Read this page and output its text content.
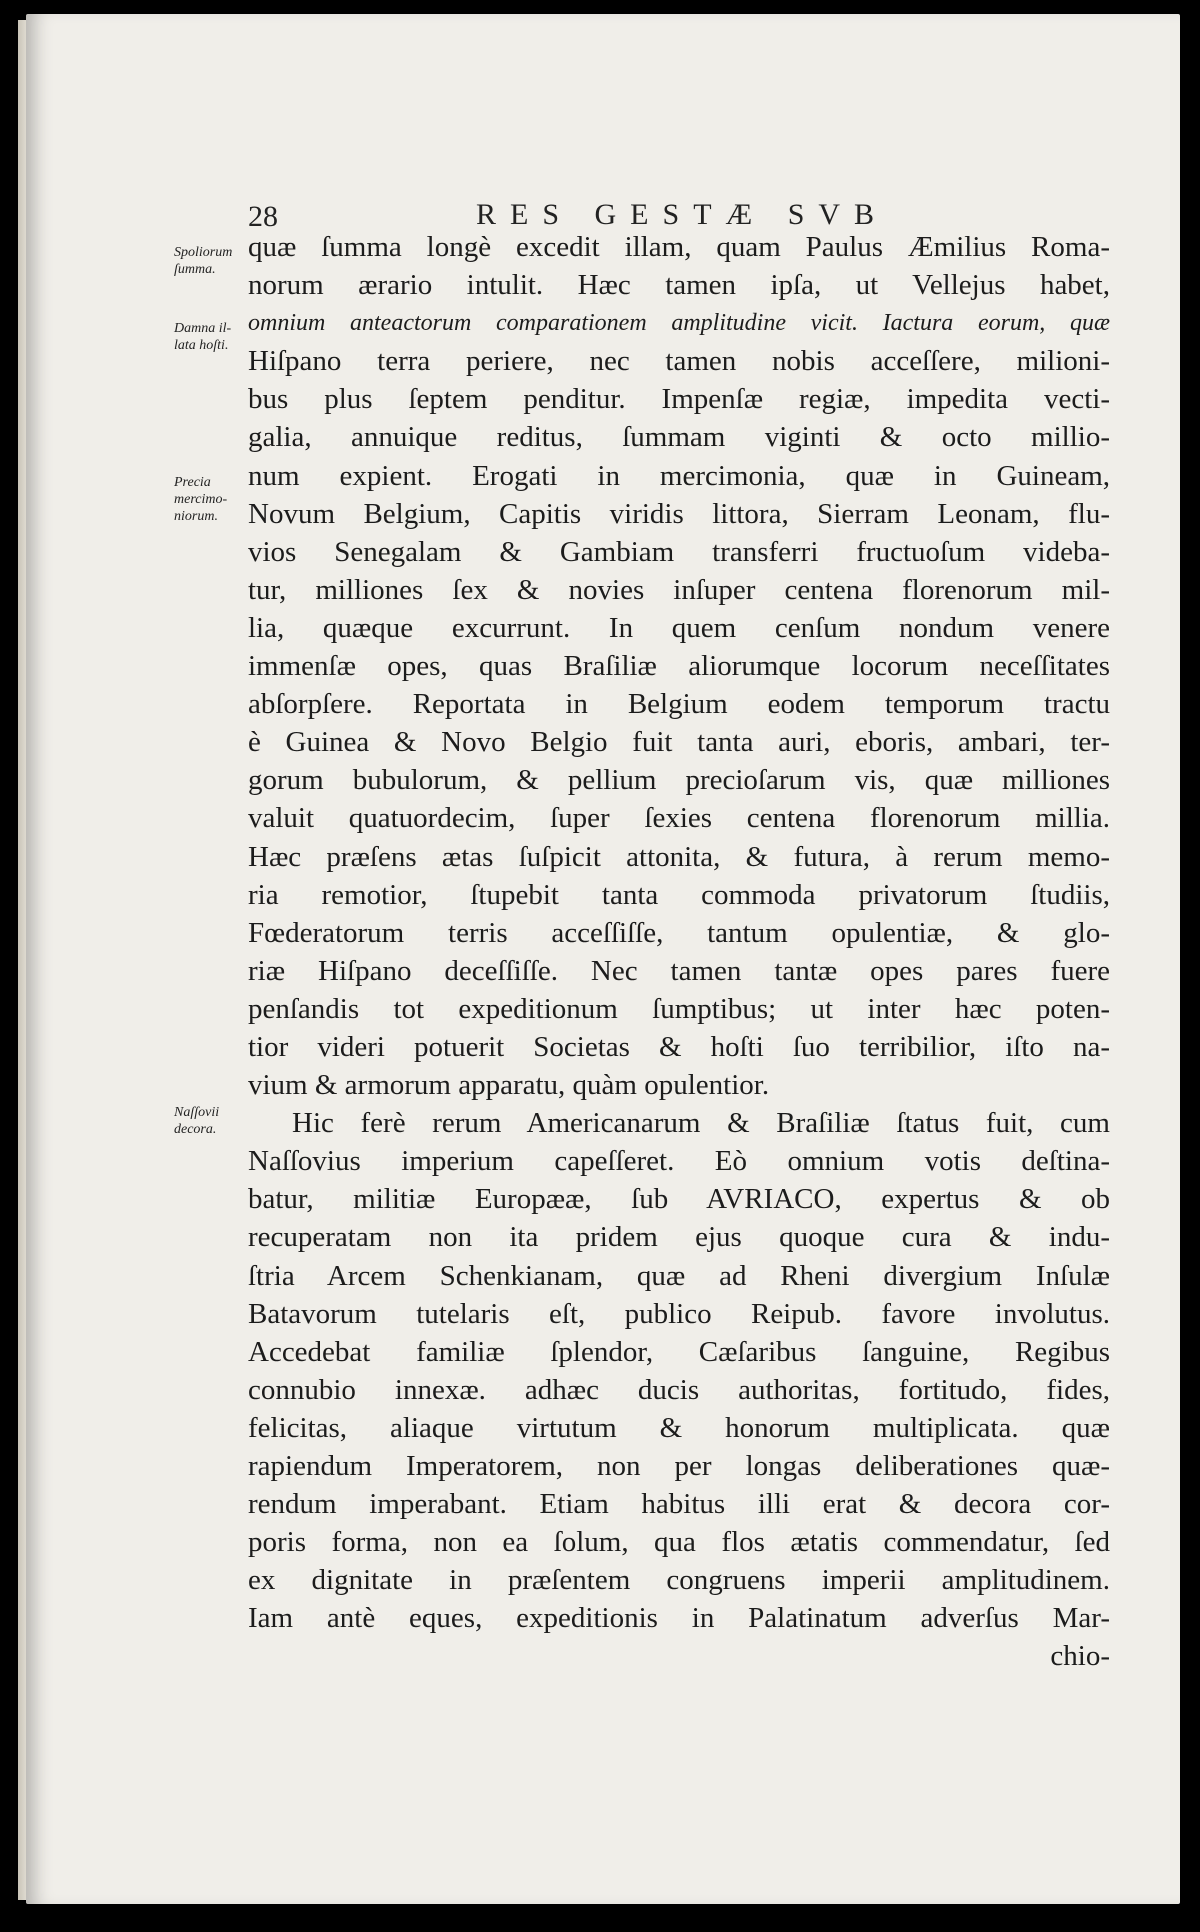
28	RES GESTÆ SVB
Spoliorum
ſumma.
Damna il-
lata hoſti.
Precia
mercimo-
niorum.
Naſſovii
decora.
quæ ſumma longè excedit illam, quam Paulus Æmilius Roma-
norum ærario intulit. Hæc tamen ipſa, ut Vellejus habet,
omnium anteactorum comparationem amplitudine vicit. Iactura eorum, quæ
Hiſpano terra periere, nec tamen nobis acceſſere, milioni-
bus plus ſeptem penditur. Impenſæ regiæ, impedita vecti-
galia, annuique reditus, ſummam viginti & octo millio-
num expient. Erogati in mercimonia, quæ in Guineam,
Novum Belgium, Capitis viridis littora, Sierram Leonam, flu-
vios Senegalam & Gambiam transferri fructuoſum videba-
tur, milliones ſex & novies inſuper centena florenorum mil-
lia, quæque excurrunt. In quem cenſum nondum venere
immenſæ opes, quas Braſiliæ aliorumque locorum neceſſitates
abſorpſere. Reportata in Belgium eodem temporum tractu
è Guinea & Novo Belgio fuit tanta auri, eboris, ambari, ter-
gorum bubulorum, & pellium precioſarum vis, quæ milliones
valuit quatuordecim, ſuper ſexies centena florenorum millia.
Hæc præſens ætas ſuſpicit attonita, & futura, à rerum memo-
ria remotior, ſtupebit tanta commoda privatorum ſtudiis,
Fœderatorum terris acceſſiſſe, tantum opulentiæ, & glo-
riæ Hiſpano deceſſiſſe. Nec tamen tantæ opes pares fuere
penſandis tot expeditionum ſumptibus; ut inter hæc poten-
tior videri potuerit Societas & hoſti ſuo terribilior, iſto na-
vium & armorum apparatu, quàm opulentior.
Hic ferè rerum Americanarum & Braſiliæ ſtatus fuit, cum
Naſſovius imperium capeſſeret. Eò omnium votis deſtina-
batur, militiæ Europææ, ſub AVRIACO, expertus & ob
recuperatam non ita pridem ejus quoque cura & indu-
ſtria Arcem Schenkianam, quæ ad Rheni divergium Inſulæ
Batavorum tutelaris eſt, publico Reipub. favore involutus.
Accedebat familiæ ſplendor, Cæſaribus ſanguine, Regibus
connubio innexæ. adhæc ducis authoritas, fortitudo, fides,
felicitas, aliaque virtutum & honorum multiplicata. quæ
rapiendum Imperatorem, non per longas deliberationes quæ-
rendum imperabant. Etiam habitus illi erat & decora cor-
poris forma, non ea ſolum, qua flos ætatis commendatur, ſed
ex dignitate in præſentem congruens imperii amplitudinem.
Iam antè eques, expeditionis in Palatinatum adverſus Mar-
chio-
